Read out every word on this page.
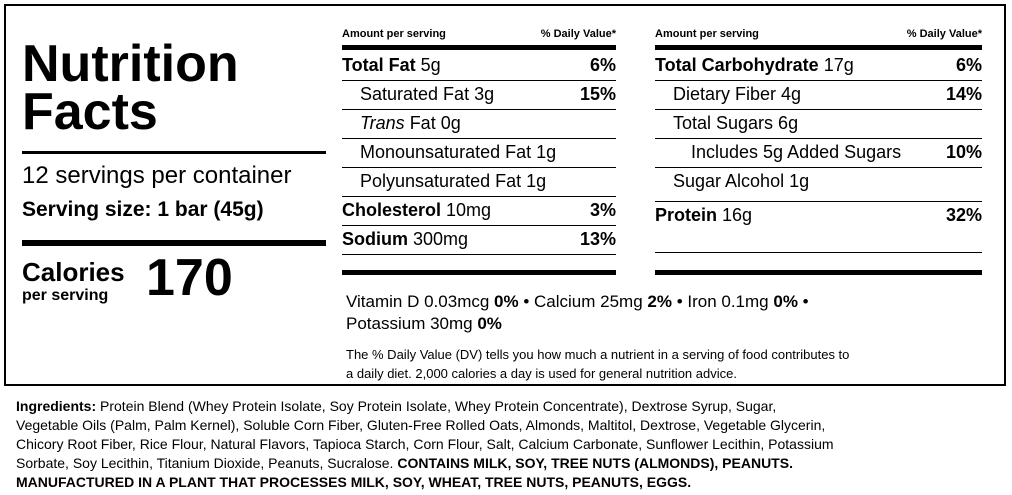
Nutrition
Facts
12 servings per container
Serving size: 1 bar (45g)
Calories
per serving 170
Amount per serving	% Daily Value*
Total Fat 5g	6%
Saturated Fat 3g	15%
Trans Fat 0g
Monounsaturated Fat 1g
Polyunsaturated Fat 1g
Cholesterol 10mg	3%
Sodium 300mg	13%
Amount per serving	% Daily Value*
Total Carbohydrate 17g	6%
Dietary Fiber 4g	14%
Total Sugars 6g
Includes 5g Added Sugars 10%
Sugar Alcohol 1g
Protein 16g	32%
Vitamin D 0.03mcg 0% • Calcium 25mg 2% • Iron 0.1mg 0% •
Potassium 30mg 0%
The % Daily Value (DV) tells you how much a nutrient in a serving of food contributes to
a daily diet. 2,000 calories a day is used for general nutrition advice.
Ingredients: Protein Blend (Whey Protein Isolate, Soy Protein Isolate, Whey Protein Concentrate), Dextrose Syrup, Sugar,
Vegetable Oils (Palm, Palm Kernel), Soluble Corn Fiber, Gluten-Free Rolled Oats, Almonds, Maltitol, Dextrose, Vegetable Glycerin,
Chicory Root Fiber, Rice Flour, Natural Flavors, Tapioca Starch, Corn Flour, Salt, Calcium Carbonate, Sunflower Lecithin, Potassium
Sorbate, Soy Lecithin, Titanium Dioxide, Peanuts, Sucralose. CONTAINS MILK, SOY, TREE NUTS (ALMONDS), PEANUTS.
MANUFACTURED IN A PLANT THAT PROCESSES MILK, SOY, WHEAT, TREE NUTS, PEANUTS, EGGS.
